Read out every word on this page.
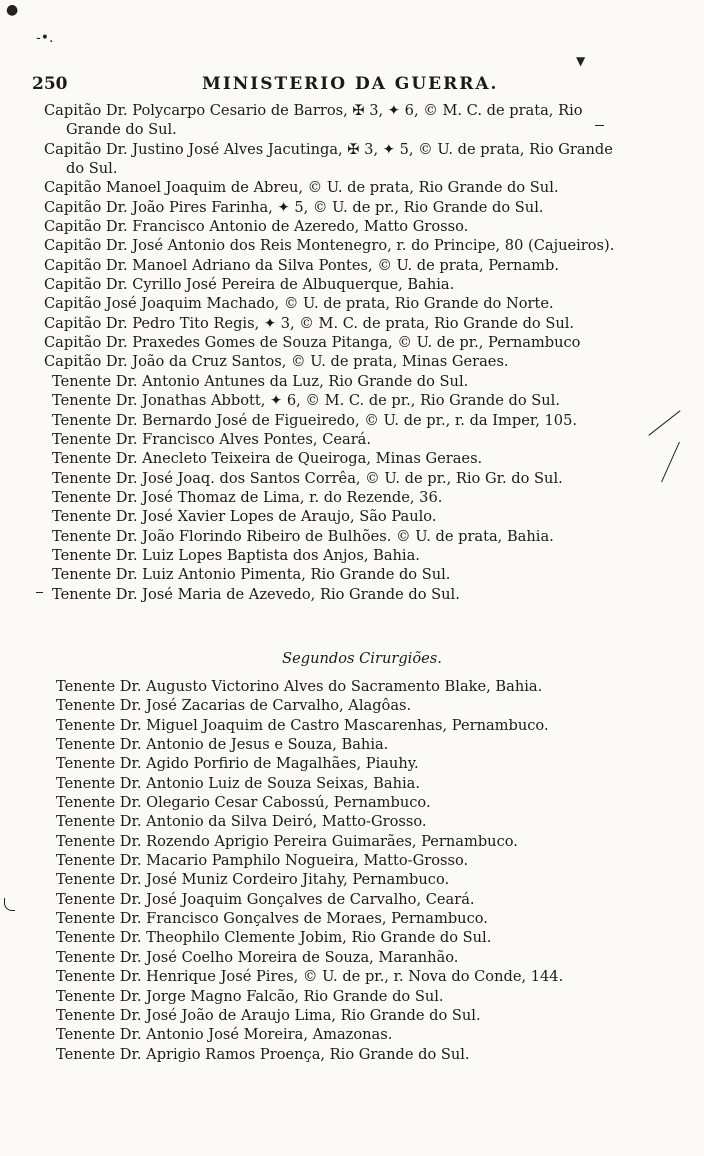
●
-•.
▼
250	MINISTERIO DA GUERRA.
Capitão Dr. Polycarpo Cesario de Barros, ✠ 3, ✦ 6, © M. C. de prata, Rio Grande do Sul.
Capitão Dr. Justino José Alves Jacutinga, ✠ 3, ✦ 5, © U. de prata, Rio Grande do Sul.
Capitão Manoel Joaquim de Abreu, © U. de prata, Rio Grande do Sul.
Capitão Dr. João Pires Farinha, ✦ 5, © U. de pr., Rio Grande do Sul.
Capitão Dr. Francisco Antonio de Azeredo, Matto Grosso.
Capitão Dr. José Antonio dos Reis Montenegro, r. do Principe, 80 (Cajueiros).
Capitão Dr. Manoel Adriano da Silva Pontes, © U. de prata, Pernamb.
Capitão Dr. Cyrillo José Pereira de Albuquerque, Bahia.
Capitão José Joaquim Machado, © U. de prata, Rio Grande do Norte.
Capitão Dr. Pedro Tito Regis, ✦ 3, © M. C. de prata, Rio Grande do Sul.
Capitão Dr. Praxedes Gomes de Souza Pitanga, © U. de pr., Pernambuco
Capitão Dr. João da Cruz Santos, © U. de prata, Minas Geraes.
Tenente Dr. Antonio Antunes da Luz, Rio Grande do Sul.
Tenente Dr. Jonathas Abbott, ✦ 6, © M. C. de pr., Rio Grande do Sul.
Tenente Dr. Bernardo José de Figueiredo, © U. de pr., r. da Imper, 105.
Tenente Dr. Francisco Alves Pontes, Ceará.
Tenente Dr. Anecleto Teixeira de Queiroga, Minas Geraes.
Tenente Dr. José Joaq. dos Santos Corrêa, © U. de pr., Rio Gr. do Sul.
Tenente Dr. José Thomaz de Lima, r. do Rezende, 36.
Tenente Dr. José Xavier Lopes de Araujo, São Paulo.
Tenente Dr. João Florindo Ribeiro de Bulhões. © U. de prata, Bahia.
Tenente Dr. Luiz Lopes Baptista dos Anjos, Bahia.
Tenente Dr. Luiz Antonio Pimenta, Rio Grande do Sul.
Tenente Dr. José Maria de Azevedo, Rio Grande do Sul.
Segundos Cirurgiões.
Tenente Dr. Augusto Victorino Alves do Sacramento Blake, Bahia.
Tenente Dr. José Zacarias de Carvalho, Alagôas.
Tenente Dr. Miguel Joaquim de Castro Mascarenhas, Pernambuco.
Tenente Dr. Antonio de Jesus e Souza, Bahia.
Tenente Dr. Agido Porfirio de Magalhães, Piauhy.
Tenente Dr. Antonio Luiz de Souza Seixas, Bahia.
Tenente Dr. Olegario Cesar Cabossú, Pernambuco.
Tenente Dr. Antonio da Silva Deiró, Matto-Grosso.
Tenente Dr. Rozendo Aprigio Pereira Guimarães, Pernambuco.
Tenente Dr. Macario Pamphilo Nogueira, Matto-Grosso.
Tenente Dr. José Muniz Cordeiro Jitahy, Pernambuco.
Tenente Dr. José Joaquim Gonçalves de Carvalho, Ceará.
Tenente Dr. Francisco Gonçalves de Moraes, Pernambuco.
Tenente Dr. Theophilo Clemente Jobim, Rio Grande do Sul.
Tenente Dr. José Coelho Moreira de Souza, Maranhão.
Tenente Dr. Henrique José Pires, © U. de pr., r. Nova do Conde, 144.
Tenente Dr. Jorge Magno Falcão, Rio Grande do Sul.
Tenente Dr. José João de Araujo Lima, Rio Grande do Sul.
Tenente Dr. Antonio José Moreira, Amazonas.
Tenente Dr. Aprigio Ramos Proença, Rio Grande do Sul.
